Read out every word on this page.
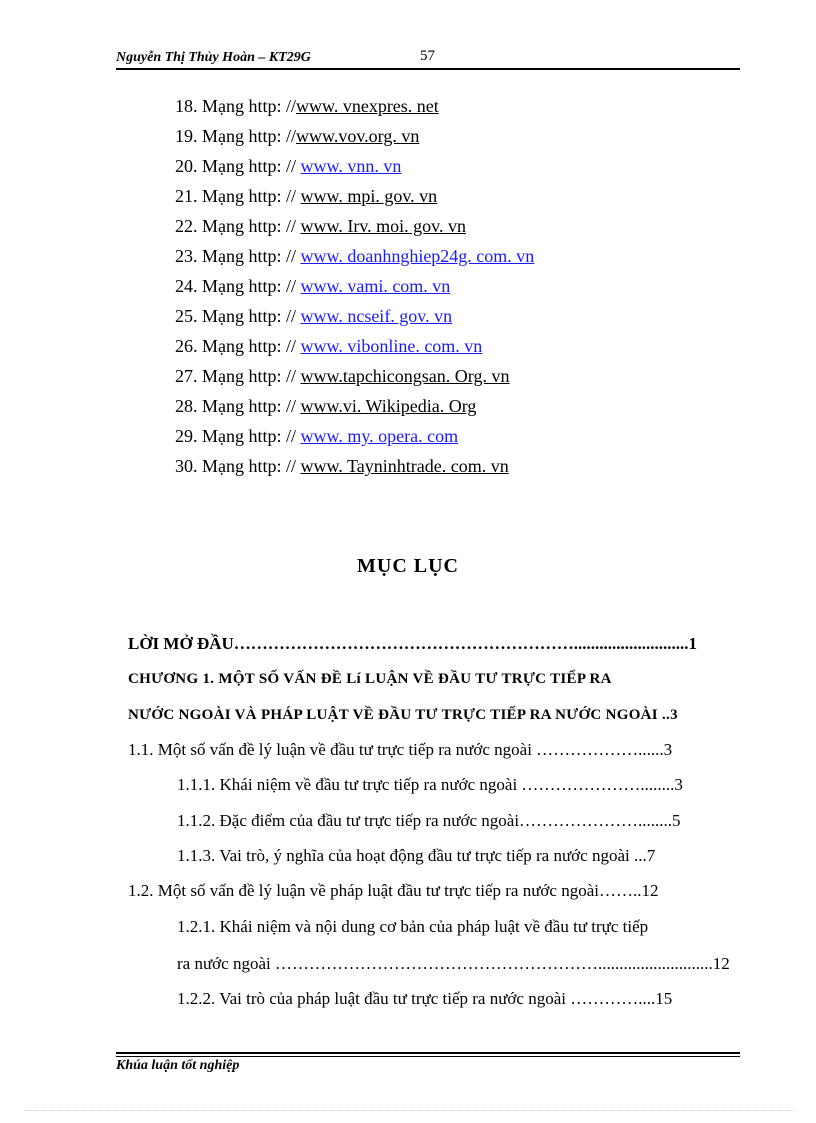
Nguyễn Thị Thủy Hoàn – KT29G	57
18. Mạng http: //www. vnexpres. net
19. Mạng http: //www.vov.org. vn
20. Mạng http: // www. vnn. vn
21. Mạng http: // www. mpi. gov. vn
22. Mạng http: // www. Irv. moi. gov. vn
23. Mạng http: // www. doanhnghiep24g. com. vn
24. Mạng http: // www. vami. com. vn
25. Mạng http: // www. ncseif. gov. vn
26. Mạng http: // www. vibonline. com. vn
27. Mạng http: // www.tapchicongsan. Org. vn
28. Mạng http: // www.vi. Wikipedia. Org
29. Mạng http: // www. my. opera. com
30. Mạng http: // www. Tayninhtrade. com. vn
MỤC LỤC
LỜI MỞ ĐẦU……………………………………………………...........................1
CHƯƠNG 1. MỘT SỐ VẤN ĐỀ Lí LUẬN VỀ ĐẦU TƯ TRỰC TIẾP RA
NƯỚC NGOÀI VÀ PHÁP LUẬT VỀ ĐẦU TƯ TRỰC TIẾP RA NƯỚC NGOÀI ..3
1.1. Một số vấn đề lý luận về đầu tư trực tiếp ra nước ngoài ………………......3
1.1.1. Khái niệm về đầu tư trực tiếp ra nước ngoài …………………........3
1.1.2. Đặc điểm của đầu tư trực tiếp ra nước ngoài…………………........5
1.1.3. Vai trò, ý nghĩa của hoạt động đầu tư trực tiếp ra nước ngoài ...7
1.2. Một số vấn đề lý luận về pháp luật đầu tư trực tiếp ra nước ngoài……..12
1.2.1. Khái niệm và nội dung cơ bản của pháp luật về đầu tư trực tiếp
ra nước ngoài …………………………………………………...........................12
1.2.2. Vai trò của pháp luật đầu tư trực tiếp ra nước ngoài …………....15
Khúa luận tốt nghiệp
